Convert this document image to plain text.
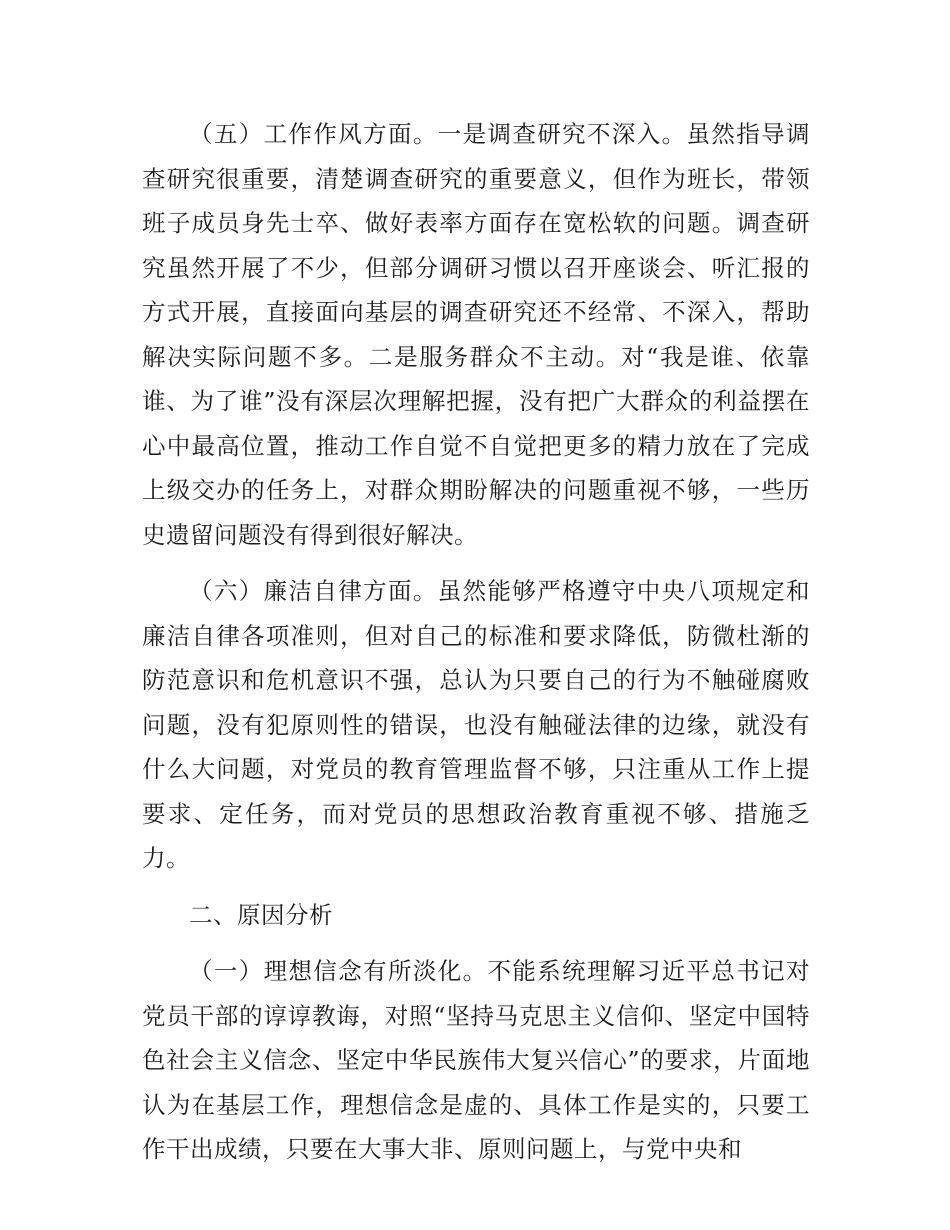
（五）工作作风方面。一是调查研究不深入。虽然指导调查研究很重要，清楚调查研究的重要意义，但作为班长，带领班子成员身先士卒、做好表率方面存在宽松软的问题。调查研究虽然开展了不少，但部分调研习惯以召开座谈会、听汇报的方式开展，直接面向基层的调查研究还不经常、不深入，帮助解决实际问题不多。二是服务群众不主动。对“我是谁、依靠谁、为了谁”没有深层次理解把握，没有把广大群众的利益摆在心中最高位置，推动工作自觉不自觉把更多的精力放在了完成上级交办的任务上，对群众期盼解决的问题重视不够，一些历史遗留问题没有得到很好解决。

（六）廉洁自律方面。虽然能够严格遵守中央八项规定和廉洁自律各项准则，但对自己的标准和要求降低，防微杜渐的防范意识和危机意识不强，总认为只要自己的行为不触碰腐败问题，没有犯原则性的错误，也没有触碰法律的边缘，就没有什么大问题，对党员的教育管理监督不够，只注重从工作上提要求、定任务，而对党员的思想政治教育重视不够、措施乏力。

二、原因分析

（一）理想信念有所淡化。不能系统理解习近平总书记对党员干部的谆谆教诲，对照“坚持马克思主义信仰、坚定中国特色社会主义信念、坚定中华民族伟大复兴信心”的要求，片面地认为在基层工作，理想信念是虚的、具体工作是实的，只要工作干出成绩，只要在大事大非、原则问题上，与党中央和
